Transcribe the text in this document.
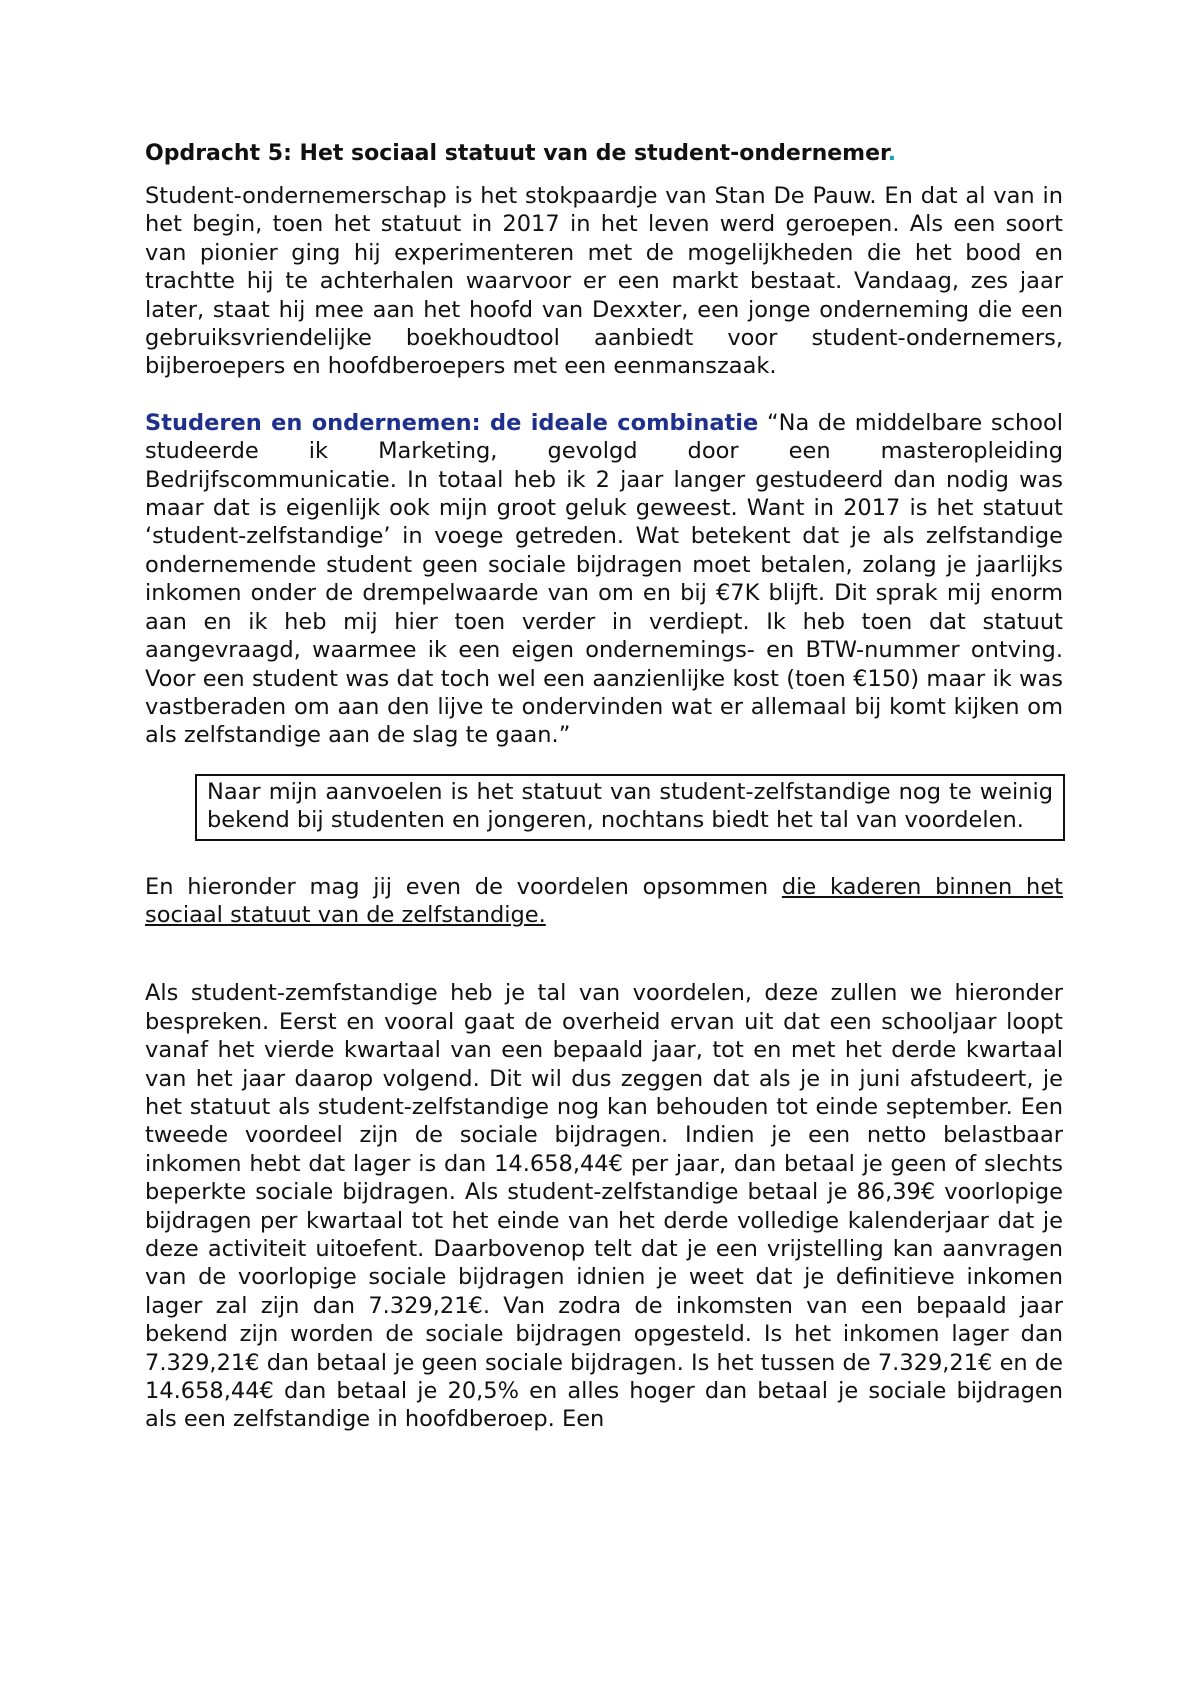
Opdracht 5: Het sociaal statuut van de student-ondernemer.

Student-ondernemerschap is het stokpaardje van Stan De Pauw. En dat al van in het begin, toen het statuut in 2017 in het leven werd geroepen. Als een soort van pionier ging hij experimenteren met de mogelijkheden die het bood en trachtte hij te achterhalen waarvoor er een markt bestaat. Vandaag, zes jaar later, staat hij mee aan het hoofd van Dexxter, een jonge onderneming die een gebruiksvriendelijke boekhoudtool aanbiedt voor student-ondernemers, bijberoepers en hoofdberoepers met een eenmanszaak.

Studeren en ondernemen: de ideale combinatie “Na de middelbare school studeerde ik Marketing, gevolgd door een masteropleiding Bedrijfscommunicatie. In totaal heb ik 2 jaar langer gestudeerd dan nodig was maar dat is eigenlijk ook mijn groot geluk geweest. Want in 2017 is het statuut ‘student-zelfstandige’ in voege getreden. Wat betekent dat je als zelfstandige ondernemende student geen sociale bijdragen moet betalen, zolang je jaarlijks inkomen onder de drempelwaarde van om en bij €7K blijft. Dit sprak mij enorm aan en ik heb mij hier toen verder in verdiept. Ik heb toen dat statuut aangevraagd, waarmee ik een eigen ondernemings- en BTW-nummer ontving. Voor een student was dat toch wel een aanzienlijke kost (toen €150) maar ik was vastberaden om aan den lijve te ondervinden wat er allemaal bij komt kijken om als zelfstandige aan de slag te gaan.”

Naar mijn aanvoelen is het statuut van student-zelfstandige nog te weinig bekend bij studenten en jongeren, nochtans biedt het tal van voordelen.

En hieronder mag jij even de voordelen opsommen die kaderen binnen het sociaal statuut van de zelfstandige.

Als student-zemfstandige heb je tal van voordelen, deze zullen we hieronder bespreken. Eerst en vooral gaat de overheid ervan uit dat een schooljaar loopt vanaf het vierde kwartaal van een bepaald jaar, tot en met het derde kwartaal van het jaar daarop volgend. Dit wil dus zeggen dat als je in juni afstudeert, je het statuut als student-zelfstandige nog kan behouden tot einde september. Een tweede voordeel zijn de sociale bijdragen. Indien je een netto belastbaar inkomen hebt dat lager is dan 14.658,44€ per jaar, dan betaal je geen of slechts beperkte sociale bijdragen. Als student-zelfstandige betaal je 86,39€ voorlopige bijdragen per kwartaal tot het einde van het derde volledige kalenderjaar dat je deze activiteit uitoefent. Daarbovenop telt dat je een vrijstelling kan aanvragen van de voorlopige sociale bijdragen idnien je weet dat je definitieve inkomen lager zal zijn dan 7.329,21€. Van zodra de inkomsten van een bepaald jaar bekend zijn worden de sociale bijdragen opgesteld. Is het inkomen lager dan 7.329,21€ dan betaal je geen sociale bijdragen. Is het tussen de 7.329,21€ en de 14.658,44€ dan betaal je 20,5% en alles hoger dan betaal je sociale bijdragen als een zelfstandige in hoofdberoep. Een
